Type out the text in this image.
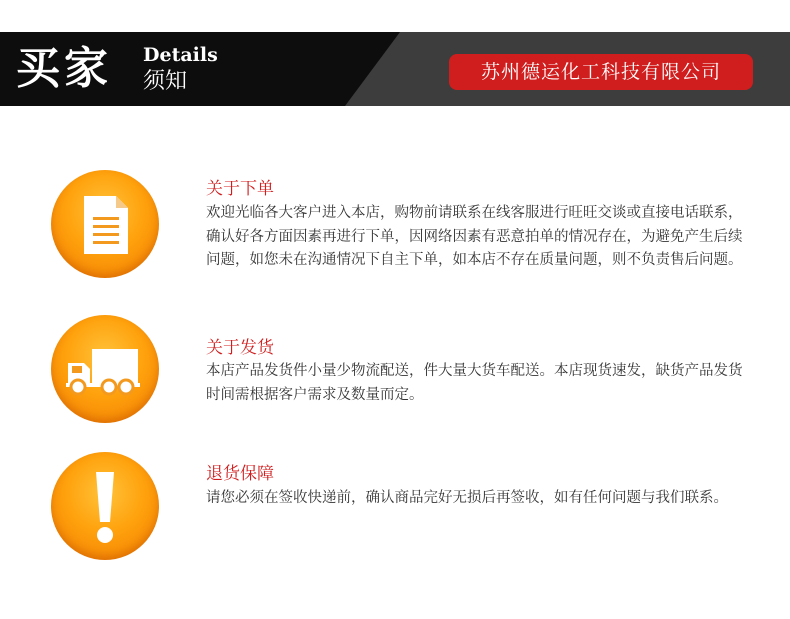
买家 Details
须知	苏州德运化工科技有限公司
关于下单
欢迎光临各大客户进入本店，购物前请联系在线客服进行旺旺交谈或直接电话联系，确认好各方面因素再进行下单，因网络因素有恶意拍单的情况存在，为避免产生后续问题，如您未在沟通情况下自主下单，如本店不存在质量问题，则不负责售后问题。
关于发货
本店产品发货件小量少物流配送，件大量大货车配送。本店现货速发，缺货产品发货时间需根据客户需求及数量而定。
退货保障
请您必须在签收快递前，确认商品完好无损后再签收，如有任何问题与我们联系。
